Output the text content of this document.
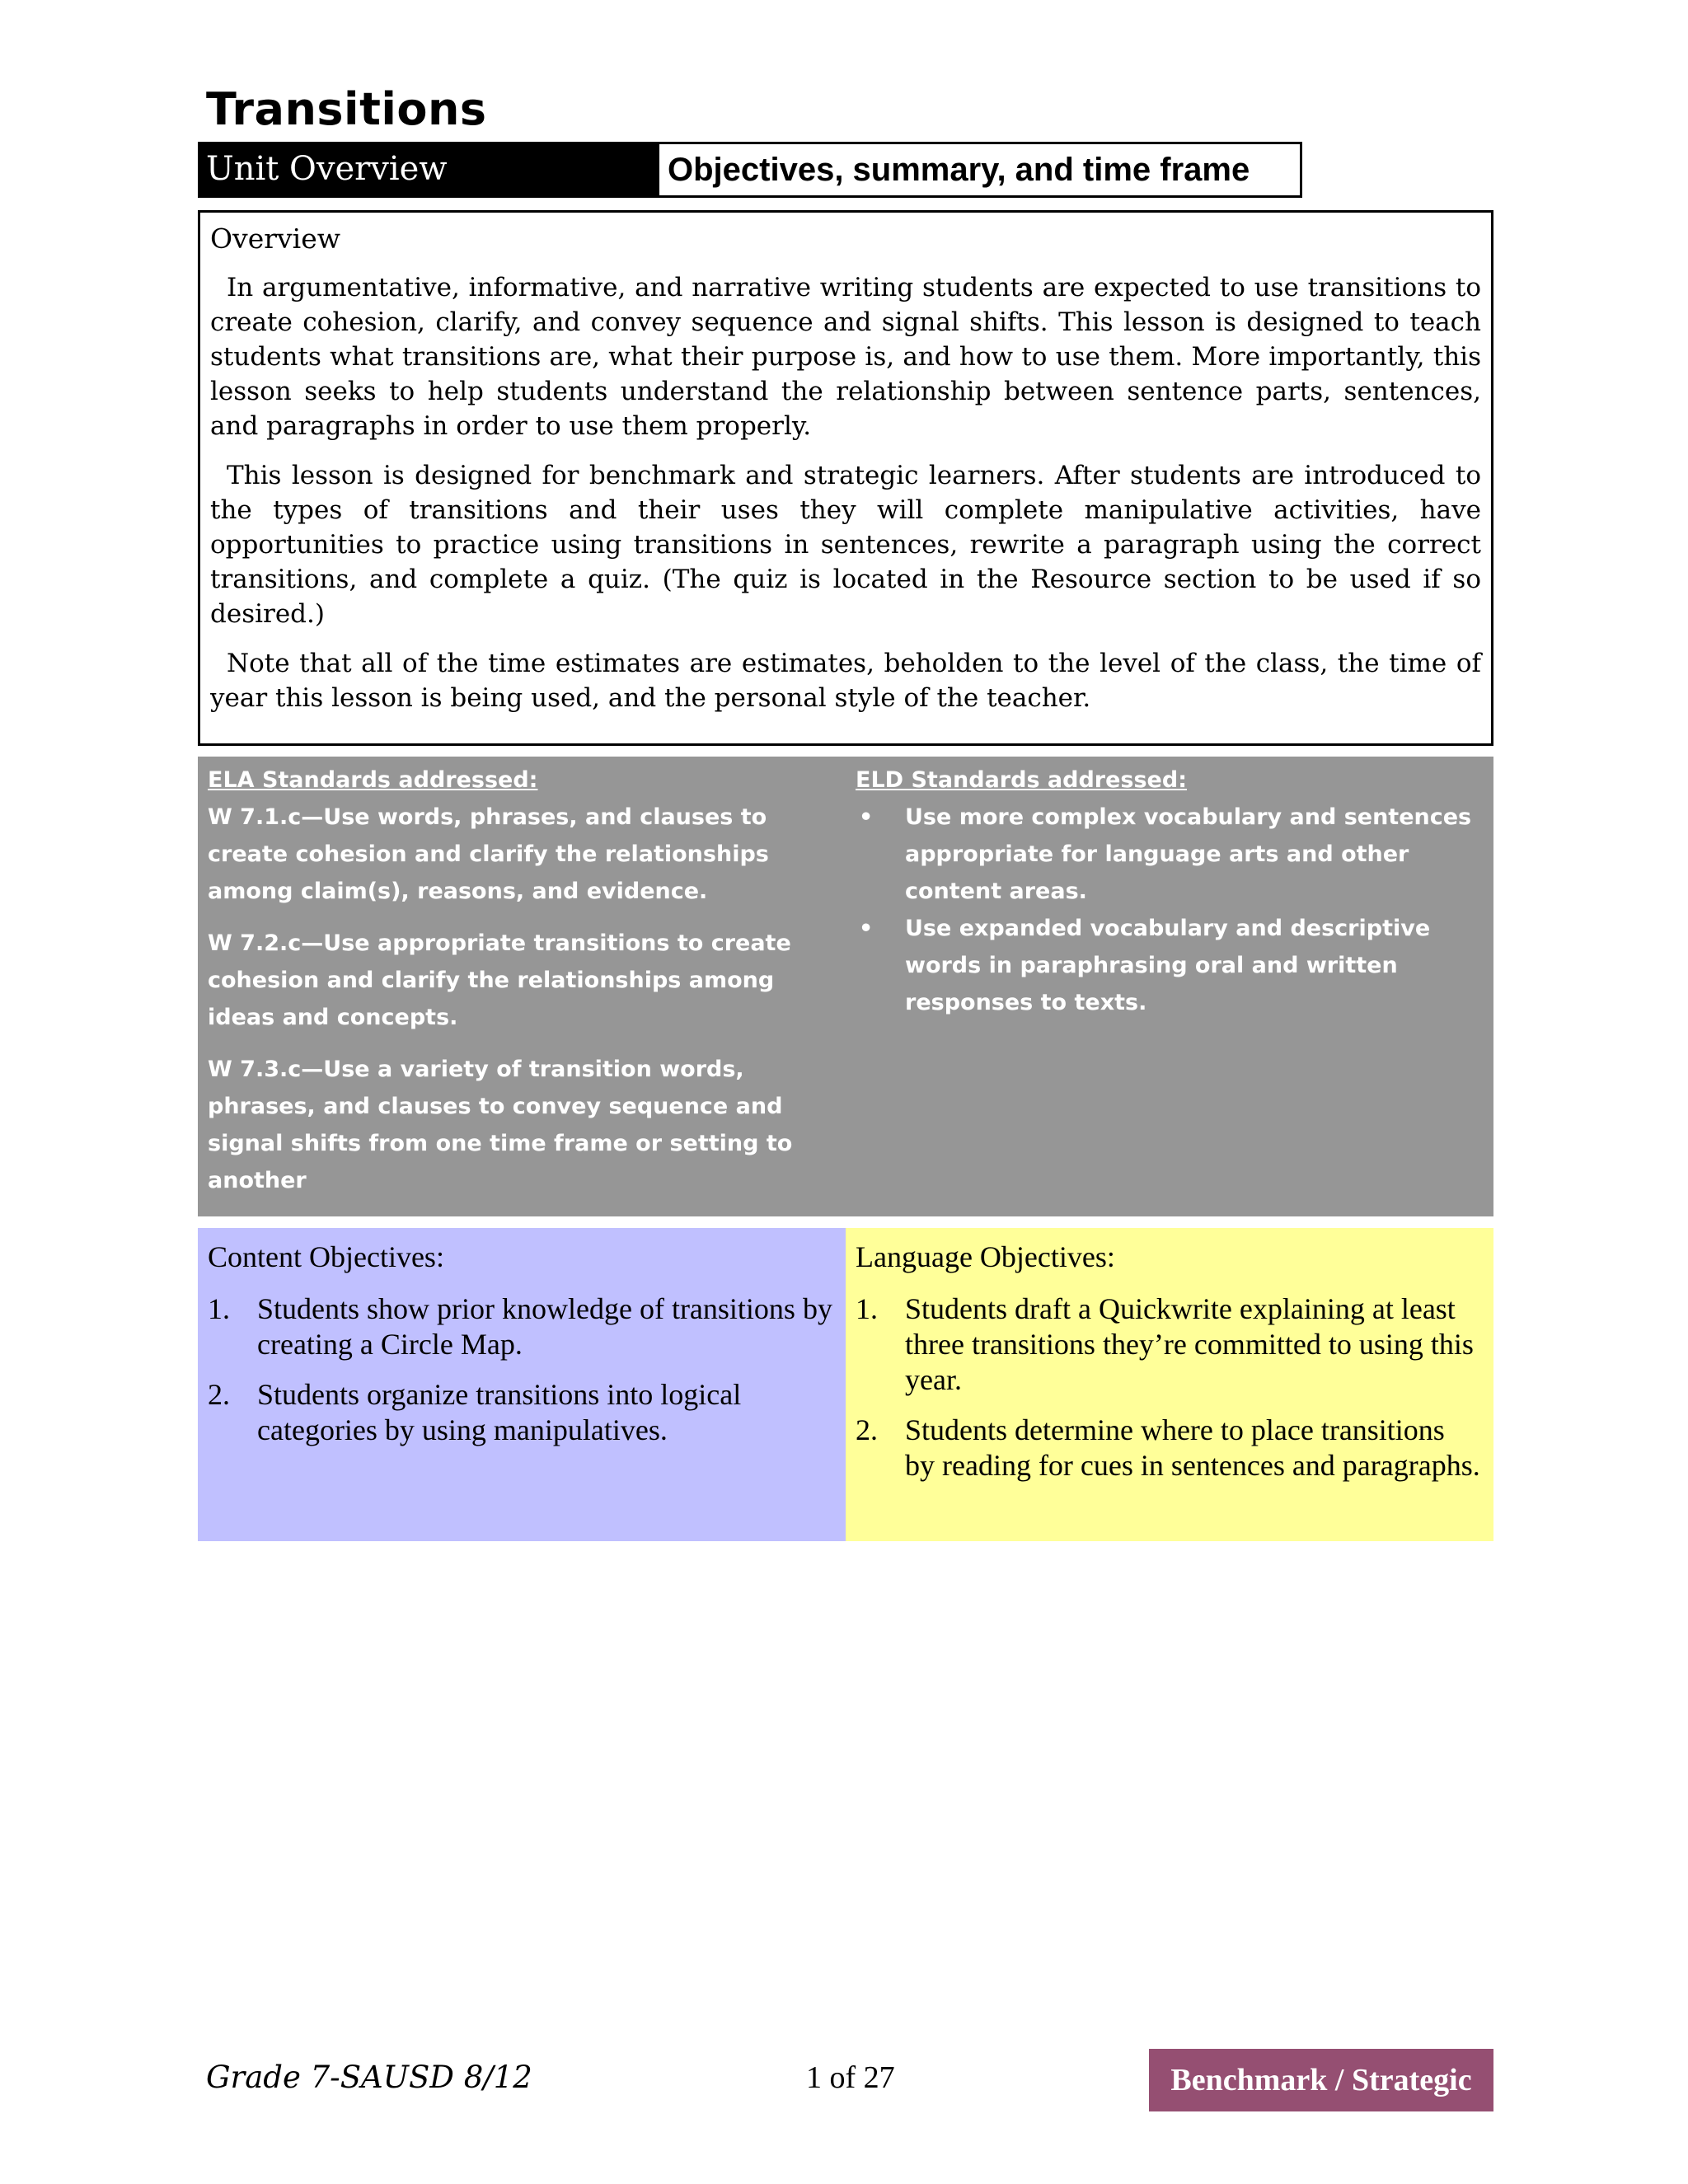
Transitions
Unit Overview	Objectives, summary, and time frame
Overview

In argumentative, informative, and narrative writing students are expected to use transitions to create cohesion, clarify, and convey sequence and signal shifts. This lesson is designed to teach students what transitions are, what their purpose is, and how to use them. More importantly, this lesson seeks to help students understand the relationship between sentence parts, sentences, and paragraphs in order to use them properly.

This lesson is designed for benchmark and strategic learners. After students are introduced to the types of transitions and their uses they will complete manipulative activities, have opportunities to practice using transitions in sentences, rewrite a paragraph using the correct transitions, and complete a quiz. (The quiz is located in the Resource section to be used if so desired.)

Note that all of the time estimates are estimates, beholden to the level of the class, the time of year this lesson is being used, and the personal style of the teacher.

ELA Standards addressed:
W 7.1.c—Use words, phrases, and clauses to create cohesion and clarify the relationships among claim(s), reasons, and evidence.
W 7.2.c—Use appropriate transitions to create cohesion and clarify the relationships among ideas and concepts.
W 7.3.c—Use a variety of transition words, phrases, and clauses to convey sequence and signal shifts from one time frame or setting to another
ELD Standards addressed:
• Use more complex vocabulary and sentences appropriate for language arts and other content areas.
• Use expanded vocabulary and descriptive words in paraphrasing oral and written responses to texts.
Content Objectives:
1. Students show prior knowledge of transitions by creating a Circle Map.
2. Students organize transitions into logical categories by using manipulatives.
Language Objectives:
1. Students draft a Quickwrite explaining at least three transitions they’re committed to using this year.
2. Students determine where to place transitions by reading for cues in sentences and paragraphs.
Grade 7-SAUSD 8/12	1 of 27	Benchmark / Strategic
